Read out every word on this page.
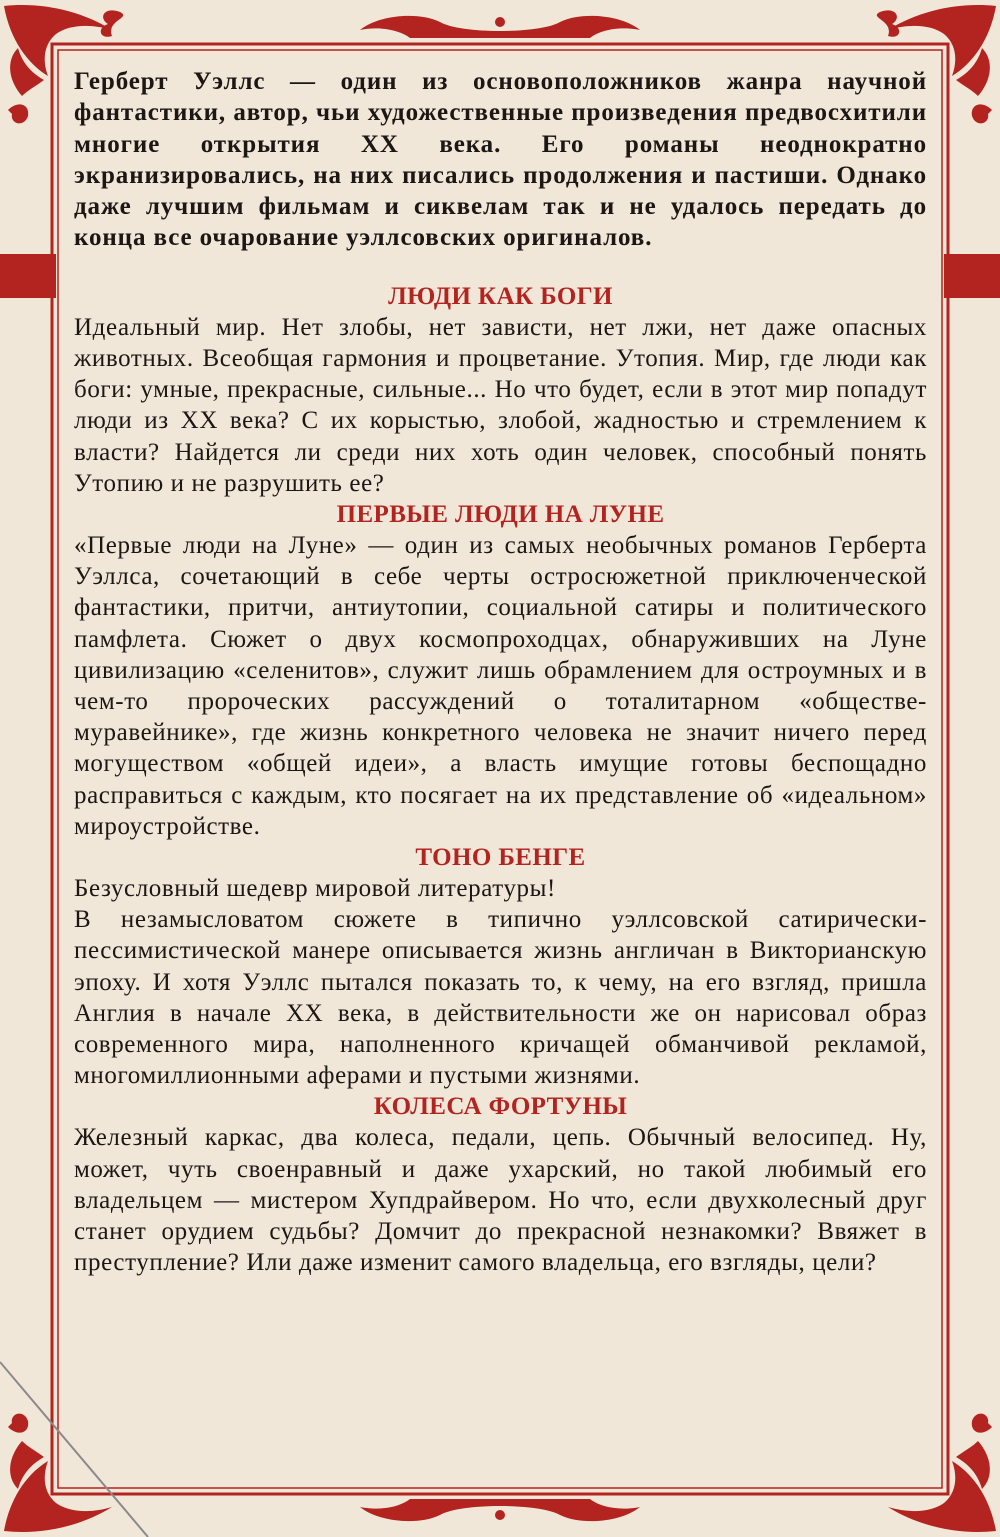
Герберт Уэллс — один из основоположников жанра научной фантастики, автор, чьи художественные произведения предвосхитили многие открытия XX века. Его романы неоднократно экранизировались, на них писались продолжения и пастиши. Однако даже лучшим фильмам и сиквелам так и не удалось передать до конца все очарование уэллсовских оригиналов.

ЛЮДИ КАК БОГИ

Идеальный мир. Нет злобы, нет зависти, нет лжи, нет даже опасных животных. Всеобщая гармония и процветание. Утопия. Мир, где люди как боги: умные, прекрасные, сильные... Но что будет, если в этот мир попадут люди из XX века? С их корыстью, злобой, жадностью и стремлением к власти? Найдется ли среди них хоть один человек, способный понять Утопию и не разрушить ее?

ПЕРВЫЕ ЛЮДИ НА ЛУНЕ

«Первые люди на Луне» — один из самых необычных романов Герберта Уэллса, сочетающий в себе черты остросюжетной приключенческой фантастики, притчи, антиутопии, социальной сатиры и политического памфлета. Сюжет о двух космопроходцах, обнаруживших на Луне цивилизацию «селенитов», служит лишь обрамлением для остроумных и в чем-то пророческих рассуждений о тоталитарном «обществе-муравейнике», где жизнь конкретного человека не значит ничего перед могуществом «общей идеи», а власть имущие готовы беспощадно расправиться с каждым, кто посягает на их представление об «идеальном» мироустройстве.

ТОНО БЕНГЕ

Безусловный шедевр мировой литературы!

В незамысловатом сюжете в типично уэллсовской сатирически-пессимистической манере описывается жизнь англичан в Викторианскую эпоху. И хотя Уэллс пытался показать то, к чему, на его взгляд, пришла Англия в начале XX века, в действительности же он нарисовал образ современного мира, наполненного кричащей обманчивой рекламой, многомиллионными аферами и пустыми жизнями.

КОЛЕСА ФОРТУНЫ

Железный каркас, два колеса, педали, цепь. Обычный велосипед. Ну, может, чуть своенравный и даже ухарский, но такой любимый его владельцем — мистером Хупдрайвером. Но что, если двухколесный друг станет орудием судьбы? Домчит до прекрасной незнакомки? Ввяжет в преступление? Или даже изменит самого владельца, его взгляды, цели?
